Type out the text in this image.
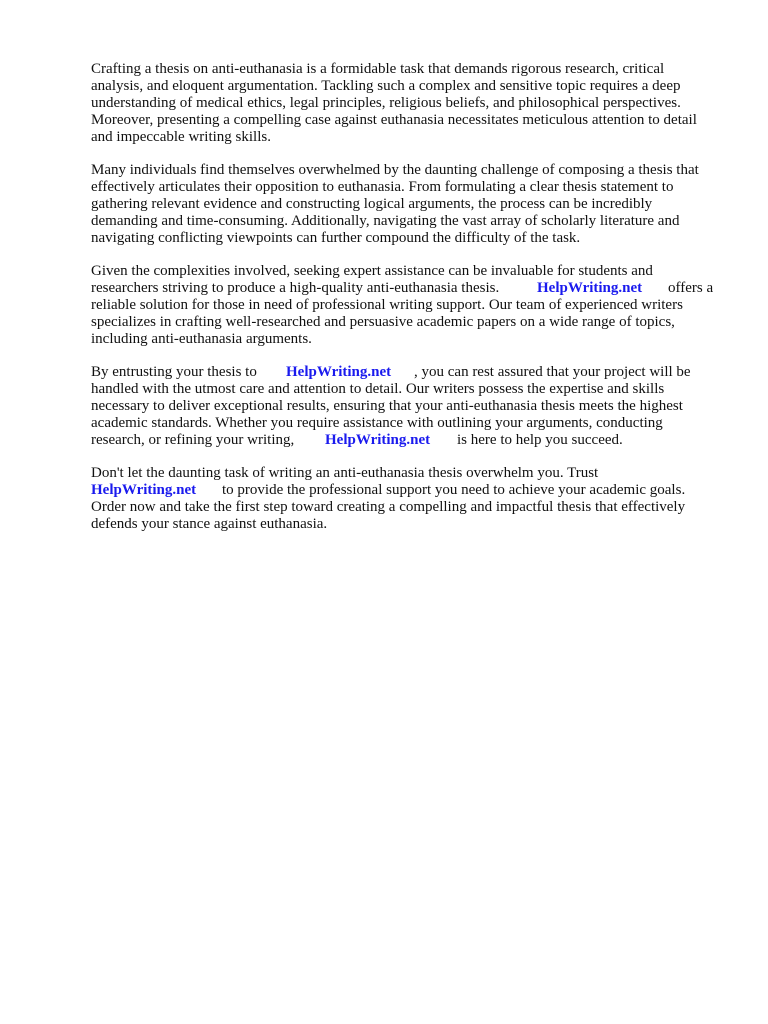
Crafting a thesis on anti-euthanasia is a formidable task that demands rigorous research, critical
analysis, and eloquent argumentation. Tackling such a complex and sensitive topic requires a deep
understanding of medical ethics, legal principles, religious beliefs, and philosophical perspectives.
Moreover, presenting a compelling case against euthanasia necessitates meticulous attention to detail
and impeccable writing skills.
Many individuals find themselves overwhelmed by the daunting challenge of composing a thesis that
effectively articulates their opposition to euthanasia. From formulating a clear thesis statement to
gathering relevant evidence and constructing logical arguments, the process can be incredibly
demanding and time-consuming. Additionally, navigating the vast array of scholarly literature and
navigating conflicting viewpoints can further compound the difficulty of the task.
Given the complexities involved, seeking expert assistance can be invaluable for students and
researchers striving to produce a high-quality anti-euthanasia thesis.	HelpWriting.net offers a
reliable solution for those in need of professional writing support. Our team of experienced writers
specializes in crafting well-researched and persuasive academic papers on a wide range of topics,
including anti-euthanasia arguments.
By entrusting your thesis to HelpWriting.net , you can rest assured that your project will be
handled with the utmost care and attention to detail. Our writers possess the expertise and skills
necessary to deliver exceptional results, ensuring that your anti-euthanasia thesis meets the highest
academic standards. Whether you require assistance with outlining your arguments, conducting
research, or refining your writing, HelpWriting.net is here to help you succeed.
Don't let the daunting task of writing an anti-euthanasia thesis overwhelm you. Trust
HelpWriting.net to provide the professional support you need to achieve your academic goals.
Order now and take the first step toward creating a compelling and impactful thesis that effectively
defends your stance against euthanasia.
